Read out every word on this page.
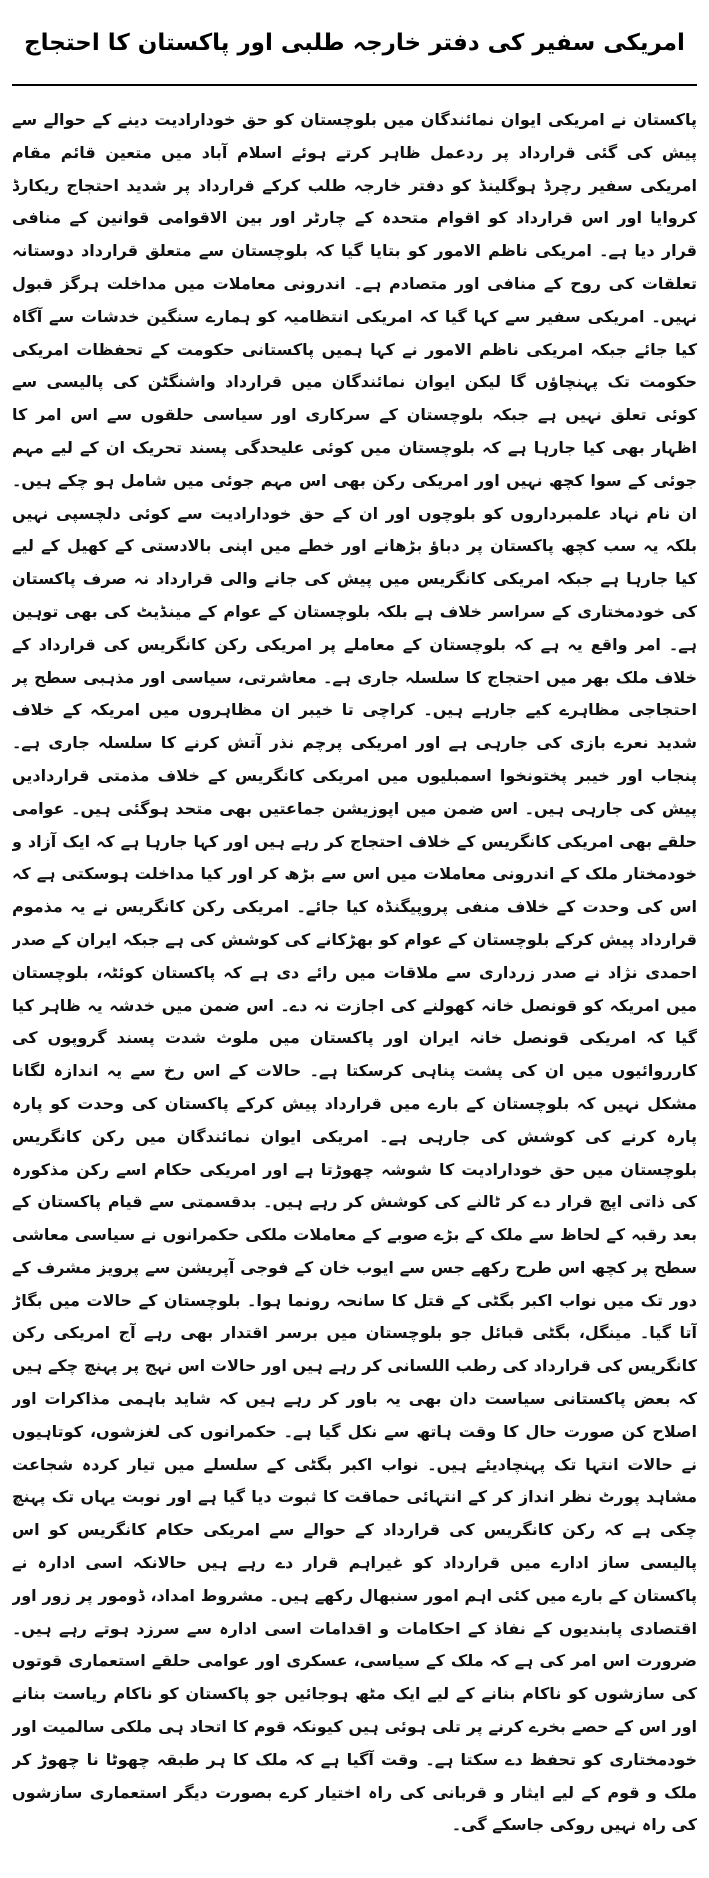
امریکی سفیر کی دفتر خارجہ طلبی اور پاکستان کا احتجاج

پاکستان نے امریکی ایوان نمائندگان میں بلوچستان کو حق خودارادیت دینے کے حوالے سے پیش کی گئی قرارداد پر ردعمل ظاہر کرتے ہوئے اسلام آباد میں متعین قائم مقام امریکی سفیر رچرڈ ہوگلینڈ کو دفتر خارجہ طلب کرکے قرارداد پر شدید احتجاج ریکارڈ کروایا اور اس قرارداد کو اقوام متحدہ کے چارٹر اور بین الاقوامی قوانین کے منافی قرار دیا ہے۔ امریکی ناظم الامور کو بتایا گیا کہ بلوچستان سے متعلق قرارداد دوستانہ تعلقات کی روح کے منافی اور متصادم ہے۔ اندرونی معاملات میں مداخلت ہرگز قبول نہیں۔ امریکی سفیر سے کہا گیا کہ امریکی انتظامیہ کو ہمارے سنگین خدشات سے آگاہ کیا جائے جبکہ امریکی ناظم الامور نے کہا ہمیں پاکستانی حکومت کے تحفظات امریکی حکومت تک پہنچاؤں گا لیکن ایوان نمائندگان میں قرارداد واشنگٹن کی پالیسی سے کوئی تعلق نہیں ہے جبکہ بلوچستان کے سرکاری اور سیاسی حلقوں سے اس امر کا اظہار بھی کیا جارہا ہے کہ بلوچستان میں کوئی علیحدگی پسند تحریک ان کے لیے مہم جوئی کے سوا کچھ نہیں اور امریکی رکن بھی اس مہم جوئی میں شامل ہو چکے ہیں۔ ان نام نہاد علمبرداروں کو بلوچوں اور ان کے حق خودارادیت سے کوئی دلچسپی نہیں بلکہ یہ سب کچھ پاکستان پر دباؤ بڑھانے اور خطے میں اپنی بالادستی کے کھیل کے لیے کیا جارہا ہے جبکہ امریکی کانگریس میں پیش کی جانے والی قرارداد نہ صرف پاکستان کی خودمختاری کے سراسر خلاف ہے بلکہ بلوچستان کے عوام کے مینڈیٹ کی بھی توہین ہے۔ امر واقع یہ ہے کہ بلوچستان کے معاملے پر امریکی رکن کانگریس کی قرارداد کے خلاف ملک بھر میں احتجاج کا سلسلہ جاری ہے۔ معاشرتی، سیاسی اور مذہبی سطح پر احتجاجی مظاہرے کیے جارہے ہیں۔ کراچی تا خیبر ان مظاہروں میں امریکہ کے خلاف شدید نعرے بازی کی جارہی ہے اور امریکی پرچم نذر آتش کرنے کا سلسلہ جاری ہے۔ پنجاب اور خیبر پختونخوا اسمبلیوں میں امریکی کانگریس کے خلاف مذمتی قراردادیں پیش کی جارہی ہیں۔ اس ضمن میں اپوزیشن جماعتیں بھی متحد ہوگئی ہیں۔ عوامی حلقے بھی امریکی کانگریس کے خلاف احتجاج کر رہے ہیں اور کہا جارہا ہے کہ ایک آزاد و خودمختار ملک کے اندرونی معاملات میں اس سے بڑھ کر اور کیا مداخلت ہوسکتی ہے کہ اس کی وحدت کے خلاف منفی پروپیگنڈہ کیا جائے۔ امریکی رکن کانگریس نے یہ مذموم قرارداد پیش کرکے بلوچستان کے عوام کو بھڑکانے کی کوشش کی ہے جبکہ ایران کے صدر احمدی نژاد نے صدر زرداری سے ملاقات میں رائے دی ہے کہ پاکستان کوئٹہ، بلوچستان میں امریکہ کو قونصل خانہ کھولنے کی اجازت نہ دے۔ اس ضمن میں خدشہ یہ ظاہر کیا گیا کہ امریکی قونصل خانہ ایران اور پاکستان میں ملوث شدت پسند گروپوں کی کارروائیوں میں ان کی پشت پناہی کرسکتا ہے۔ حالات کے اس رخ سے یہ اندازہ لگانا مشکل نہیں کہ بلوچستان کے بارے میں قرارداد پیش کرکے پاکستان کی وحدت کو پارہ پارہ کرنے کی کوشش کی جارہی ہے۔ امریکی ایوان نمائندگان میں رکن کانگریس بلوچستان میں حق خودارادیت کا شوشہ چھوڑتا ہے اور امریکی حکام اسے رکن مذکورہ کی ذاتی اپچ قرار دے کر ٹالنے کی کوشش کر رہے ہیں۔ بدقسمتی سے قیام پاکستان کے بعد رقبہ کے لحاظ سے ملک کے بڑے صوبے کے معاملات ملکی حکمرانوں نے سیاسی معاشی سطح پر کچھ اس طرح رکھے جس سے ایوب خان کے فوجی آپریشن سے پرویز مشرف کے دور تک میں نواب اکبر بگٹی کے قتل کا سانحہ رونما ہوا۔ بلوچستان کے حالات میں بگاڑ آتا گیا۔ مینگل، بگٹی قبائل جو بلوچستان میں برسر اقتدار بھی رہے آج امریکی رکن کانگریس کی قرارداد کی رطب اللسانی کر رہے ہیں اور حالات اس نہج پر پہنچ چکے ہیں کہ بعض پاکستانی سیاست دان بھی یہ باور کر رہے ہیں کہ شاید باہمی مذاکرات اور اصلاح کن صورت حال کا وقت ہاتھ سے نکل گیا ہے۔ حکمرانوں کی لغزشوں، کوتاہیوں نے حالات انتہا تک پہنچادیئے ہیں۔ نواب اکبر بگٹی کے سلسلے میں تیار کردہ شجاعت مشاہد پورٹ نظر انداز کر کے انتہائی حماقت کا ثبوت دیا گیا ہے اور نوبت یہاں تک پہنچ چکی ہے کہ رکن کانگریس کی قرارداد کے حوالے سے امریکی حکام کانگریس کو اس پالیسی ساز ادارے میں قرارداد کو غیراہم قرار دے رہے ہیں حالانکہ اسی ادارہ نے پاکستان کے بارے میں کئی اہم امور سنبھال رکھے ہیں۔ مشروط امداد، ڈومور پر زور اور اقتصادی پابندیوں کے نفاذ کے احکامات و اقدامات اسی ادارہ سے سرزد ہوتے رہے ہیں۔ ضرورت اس امر کی ہے کہ ملک کے سیاسی، عسکری اور عوامی حلقے استعماری قوتوں کی سازشوں کو ناکام بنانے کے لیے ایک مٹھ ہوجائیں جو پاکستان کو ناکام ریاست بنانے اور اس کے حصے بخرے کرنے پر تلی ہوئی ہیں کیونکہ قوم کا اتحاد ہی ملکی سالمیت اور خودمختاری کو تحفظ دے سکتا ہے۔ وقت آگیا ہے کہ ملک کا ہر طبقہ چھوٹا نا چھوڑ کر ملک و قوم کے لیے ایثار و قربانی کی راہ اختیار کرے بصورت دیگر استعماری سازشوں کی راہ نہیں روکی جاسکے گی۔
